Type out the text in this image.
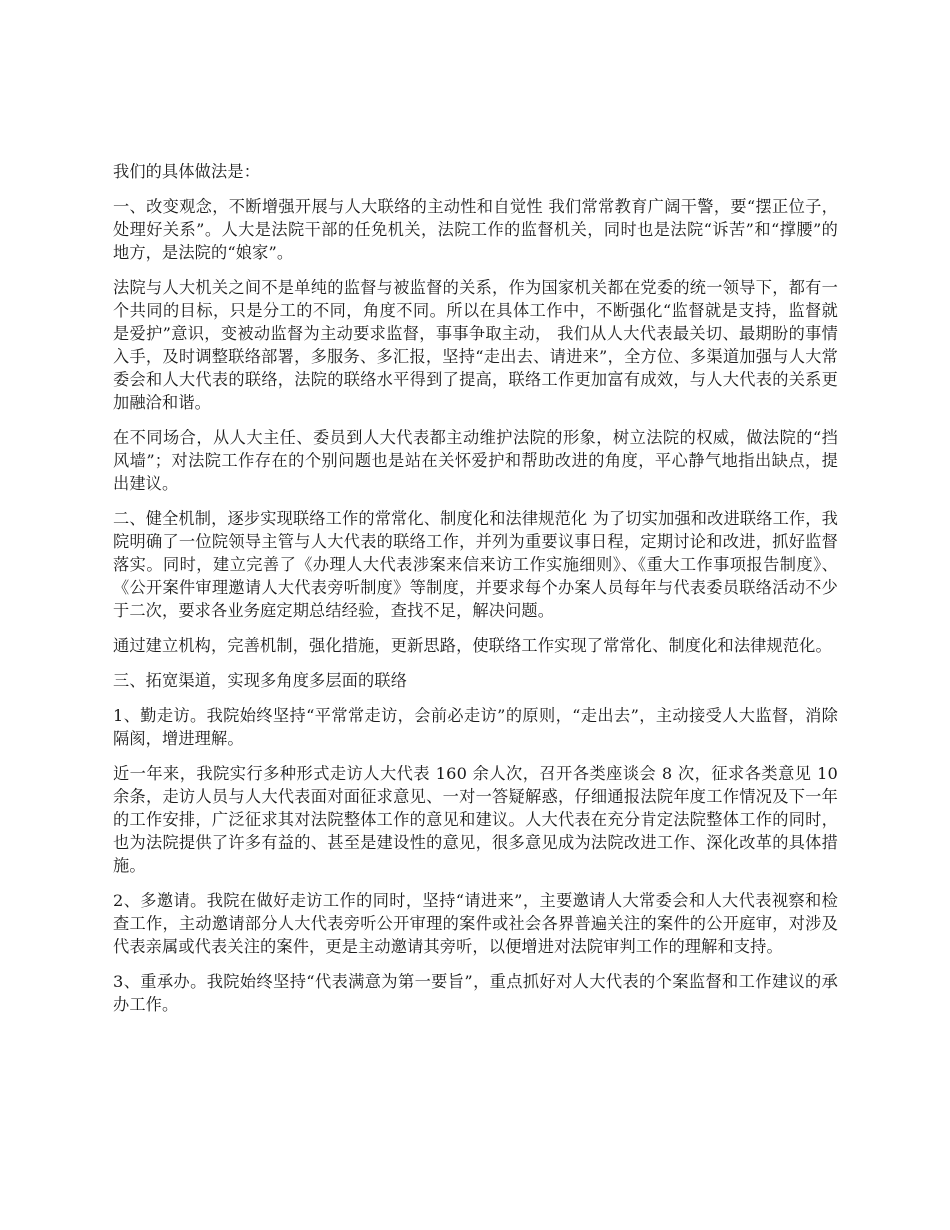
我们的具体做法是：

一、改变观念，不断增强开展与人大联络的主动性和自觉性 我们常常教育广阔干警，要“摆正位子，处理好关系”。人大是法院干部的任免机关，法院工作的监督机关，同时也是法院“诉苦”和“撑腰”的地方，是法院的“娘家”。

法院与人大机关之间不是单纯的监督与被监督的关系，作为国家机关都在党委的统一领导下，都有一个共同的目标，只是分工的不同，角度不同。所以在具体工作中，不断强化“监督就是支持，监督就是爱护”意识，变被动监督为主动要求监督，事事争取主动， 我们从人大代表最关切、最期盼的事情入手，及时调整联络部署，多服务、多汇报，坚持“走出去、请进来”，全方位、多渠道加强与人大常委会和人大代表的联络，法院的联络水平得到了提高，联络工作更加富有成效，与人大代表的关系更加融洽和谐。

在不同场合，从人大主任、委员到人大代表都主动维护法院的形象，树立法院的权威，做法院的“挡风墙”；对法院工作存在的个别问题也是站在关怀爱护和帮助改进的角度，平心静气地指出缺点，提出建议。

二、健全机制，逐步实现联络工作的常常化、制度化和法律规范化 为了切实加强和改进联络工作，我院明确了一位院领导主管与人大代表的联络工作，并列为重要议事日程，定期讨论和改进，抓好监督落实。同时，建立完善了《办理人大代表涉案来信来访工作实施细则》、《重大工作事项报告制度》、《公开案件审理邀请人大代表旁听制度》等制度，并要求每个办案人员每年与代表委员联络活动不少于二次，要求各业务庭定期总结经验，查找不足，解决问题。

通过建立机构，完善机制，强化措施，更新思路，使联络工作实现了常常化、制度化和法律规范化。

三、拓宽渠道，实现多角度多层面的联络

1、勤走访。我院始终坚持“平常常走访，会前必走访”的原则，“走出去”，主动接受人大监督，消除隔阂，增进理解。

近一年来，我院实行多种形式走访人大代表 160 余人次，召开各类座谈会 8 次，征求各类意见 10 余条，走访人员与人大代表面对面征求意见、一对一答疑解惑，仔细通报法院年度工作情况及下一年的工作安排，广泛征求其对法院整体工作的意见和建议。人大代表在充分肯定法院整体工作的同时，也为法院提供了许多有益的、甚至是建设性的意见，很多意见成为法院改进工作、深化改革的具体措施。

2、多邀请。我院在做好走访工作的同时，坚持“请进来”，主要邀请人大常委会和人大代表视察和检查工作，主动邀请部分人大代表旁听公开审理的案件或社会各界普遍关注的案件的公开庭审，对涉及代表亲属或代表关注的案件，更是主动邀请其旁听，以便增进对法院审判工作的理解和支持。

3、重承办。我院始终坚持“代表满意为第一要旨”，重点抓好对人大代表的个案监督和工作建议的承办工作。
